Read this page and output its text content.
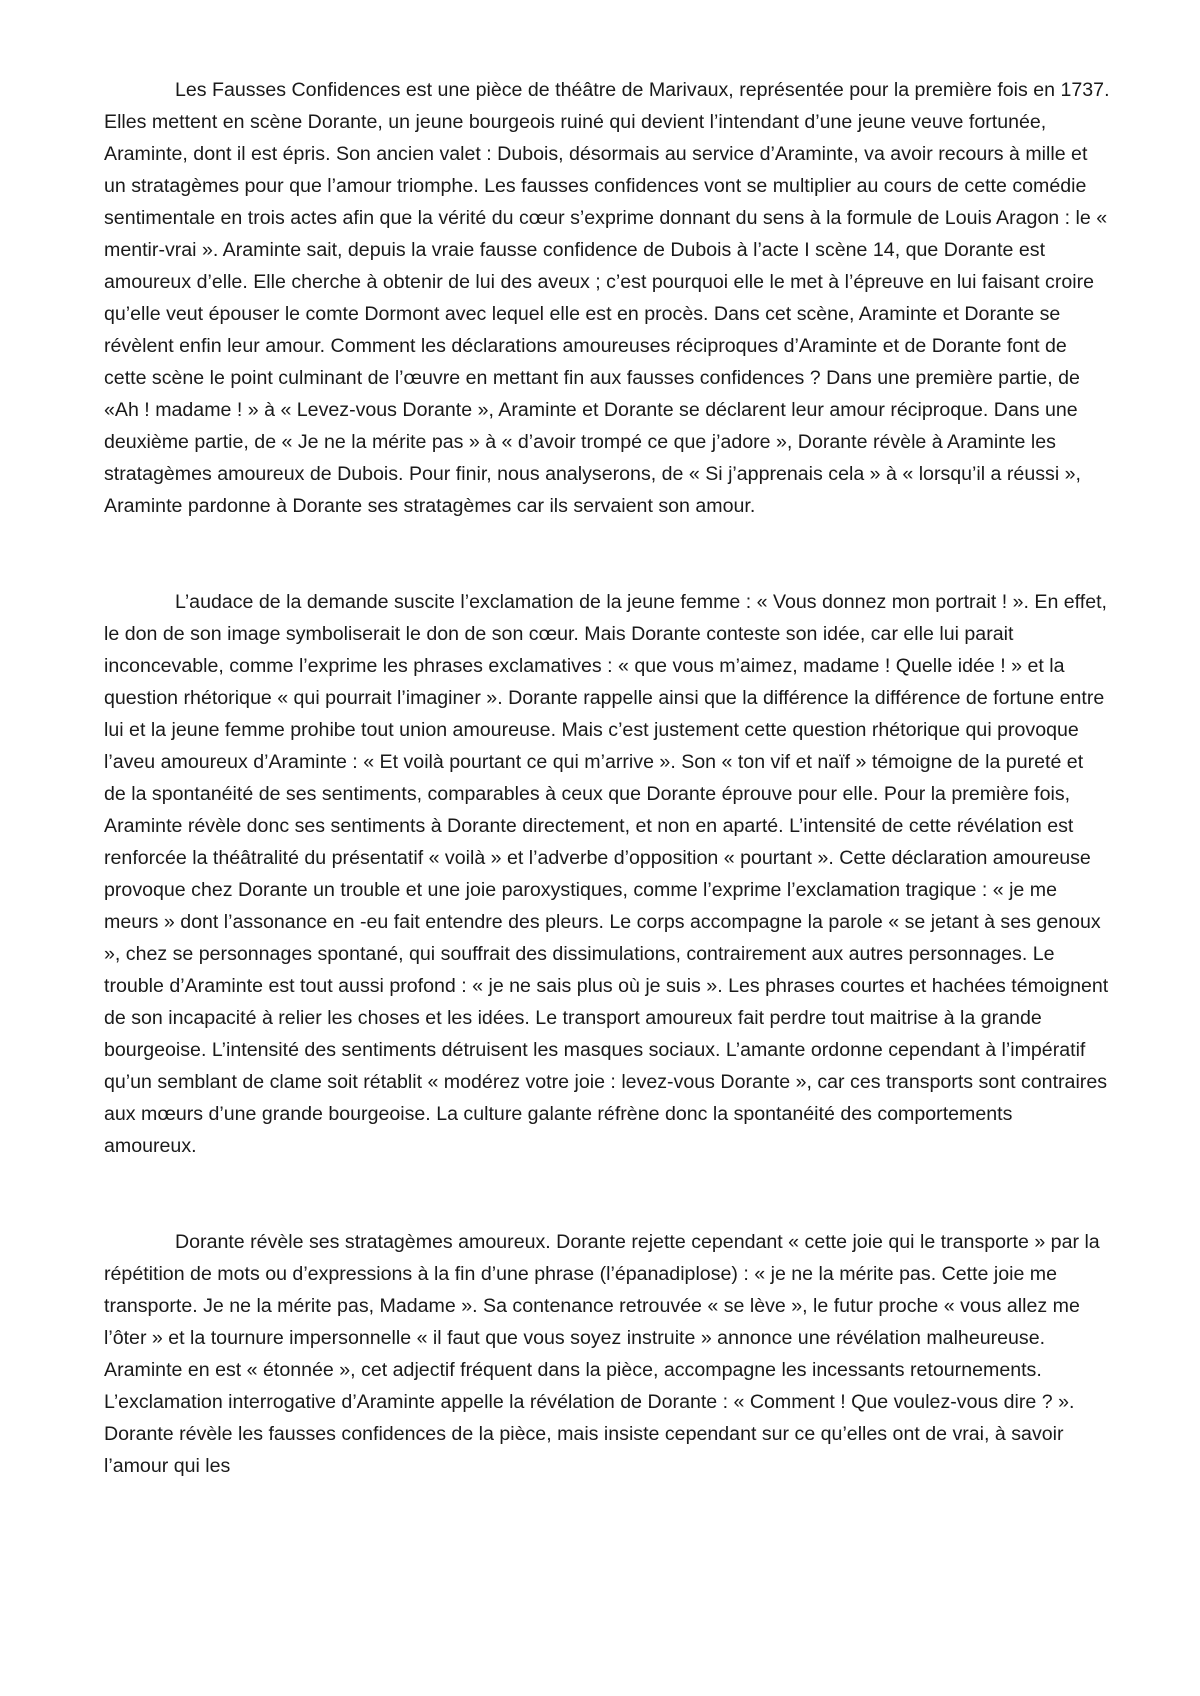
Les Fausses Confidences est une pièce de théâtre de Marivaux, représentée pour la première fois en 1737. Elles mettent en scène Dorante, un jeune bourgeois ruiné qui devient l’intendant d’une jeune veuve fortunée, Araminte, dont il est épris. Son ancien valet : Dubois, désormais au service d’Araminte, va avoir recours à mille et un stratagèmes pour que l’amour triomphe. Les fausses confidences vont se multiplier au cours de cette comédie sentimentale en trois actes afin que la vérité du cœur s’exprime donnant du sens à la formule de Louis Aragon : le « mentir-vrai ». Araminte sait, depuis la vraie fausse confidence de Dubois à l’acte I scène 14, que Dorante est amoureux d’elle. Elle cherche à obtenir de lui des aveux ; c’est pourquoi elle le met à l’épreuve en lui faisant croire qu’elle veut épouser le comte Dormont avec lequel elle est en procès. Dans cet scène, Araminte et Dorante se révèlent enfin leur amour. Comment les déclarations amoureuses réciproques d’Araminte et de Dorante font de cette scène le point culminant de l’œuvre en mettant fin aux fausses confidences ? Dans une première partie, de «Ah ! madame ! » à « Levez-vous Dorante », Araminte et Dorante se déclarent leur amour réciproque. Dans une deuxième partie, de « Je ne la mérite pas » à « d’avoir trompé ce que j’adore », Dorante révèle à Araminte les stratagèmes amoureux de Dubois. Pour finir, nous analyserons, de « Si j’apprenais cela » à « lorsqu’il a réussi », Araminte pardonne à Dorante ses stratagèmes car ils servaient son amour.

L’audace de la demande suscite l’exclamation de la jeune femme : « Vous donnez mon portrait ! ». En effet, le don de son image symboliserait le don de son cœur. Mais Dorante conteste son idée, car elle lui parait inconcevable, comme l’exprime les phrases exclamatives : « que vous m’aimez, madame ! Quelle idée ! » et la question rhétorique « qui pourrait l’imaginer ». Dorante rappelle ainsi que la différence la différence de fortune entre lui et la jeune femme prohibe tout union amoureuse. Mais c’est justement cette question rhétorique qui provoque l’aveu amoureux d’Araminte : « Et voilà pourtant ce qui m’arrive ». Son « ton vif et naïf » témoigne de la pureté et de la spontanéité de ses sentiments, comparables à ceux que Dorante éprouve pour elle. Pour la première fois, Araminte révèle donc ses sentiments à Dorante directement, et non en aparté. L’intensité de cette révélation est renforcée la théâtralité du présentatif « voilà » et l’adverbe d’opposition « pourtant ». Cette déclaration amoureuse provoque chez Dorante un trouble et une joie paroxystiques, comme l’exprime l’exclamation tragique : « je me meurs » dont l’assonance en -eu fait entendre des pleurs. Le corps accompagne la parole « se jetant à ses genoux », chez se personnages spontané, qui souffrait des dissimulations, contrairement aux autres personnages. Le trouble d’Araminte est tout aussi profond : « je ne sais plus où je suis ». Les phrases courtes et hachées témoignent de son incapacité à relier les choses et les idées. Le transport amoureux fait perdre tout maitrise à la grande bourgeoise. L’intensité des sentiments détruisent les masques sociaux. L’amante ordonne cependant à l’impératif qu’un semblant de clame soit rétablit « modérez votre joie : levez-vous Dorante », car ces transports sont contraires aux mœurs d’une grande bourgeoise. La culture galante réfrène donc la spontanéité des comportements amoureux.

Dorante révèle ses stratagèmes amoureux. Dorante rejette cependant « cette joie qui le transporte » par la répétition de mots ou d’expressions à la fin d’une phrase (l’épanadiplose) : « je ne la mérite pas. Cette joie me transporte. Je ne la mérite pas, Madame ». Sa contenance retrouvée « se lève », le futur proche « vous allez me l’ôter » et la tournure impersonnelle « il faut que vous soyez instruite » annonce une révélation malheureuse. Araminte en est « étonnée », cet adjectif fréquent dans la pièce, accompagne les incessants retournements. L’exclamation interrogative d’Araminte appelle la révélation de Dorante : « Comment ! Que voulez-vous dire ? ». Dorante révèle les fausses confidences de la pièce, mais insiste cependant sur ce qu’elles ont de vrai, à savoir l’amour qui les
